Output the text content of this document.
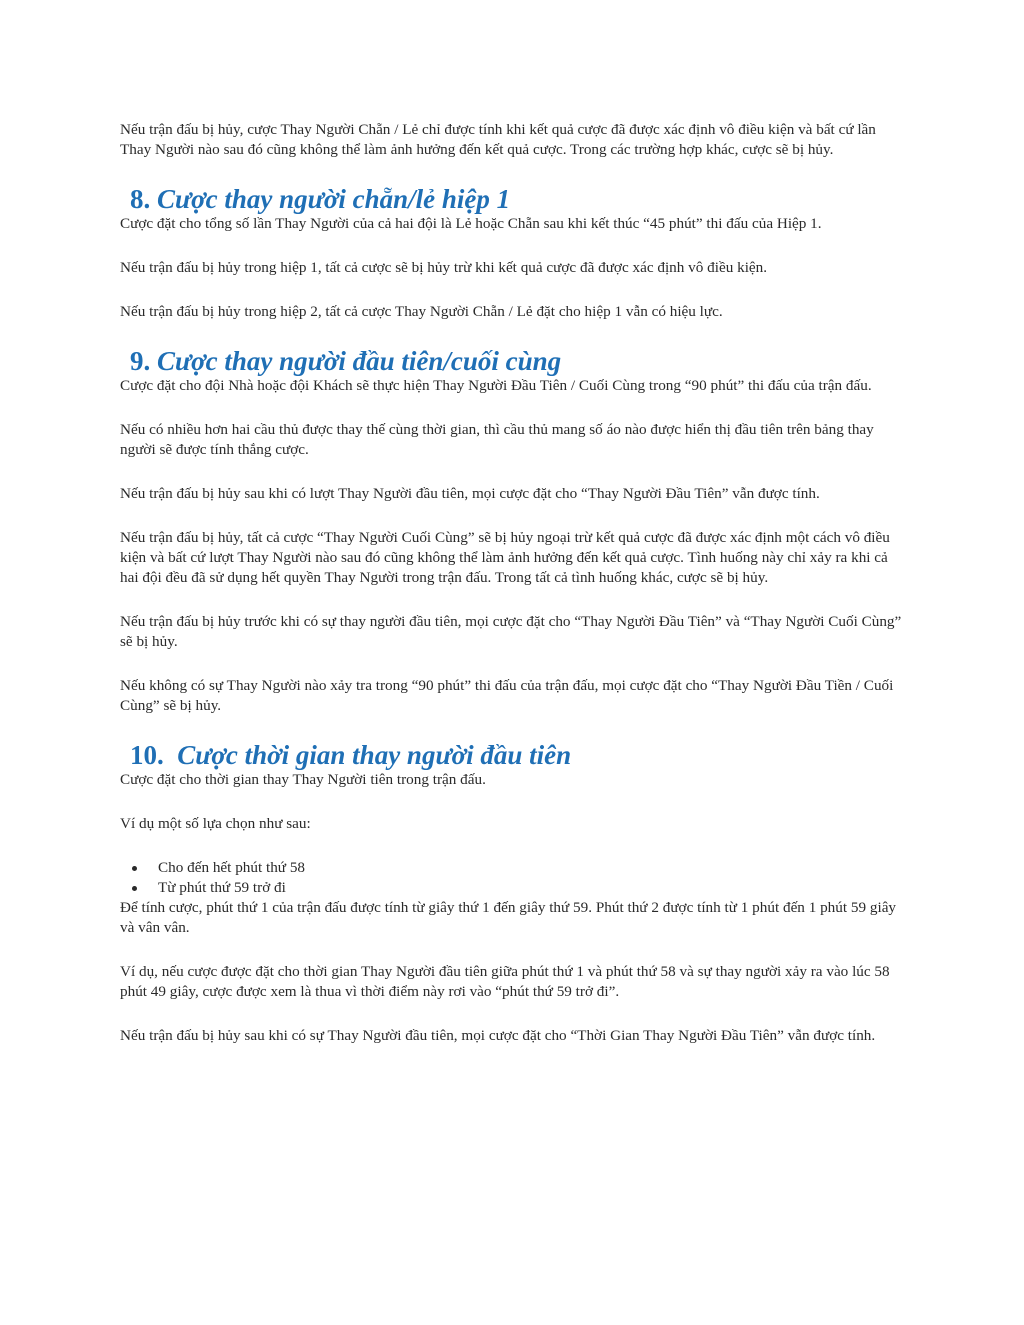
Nếu trận đấu bị hủy, cược Thay Người Chẵn / Lẻ chỉ được tính khi kết quả cược đã được xác định vô điều kiện và bất cứ lần Thay Người nào sau đó cũng không thể làm ảnh hưởng đến kết quả cược. Trong các trường hợp khác, cược sẽ bị hủy.

8. Cược thay người chẵn/lẻ hiệp 1

Cược đặt cho tổng số lần Thay Người của cả hai đội là Lẻ hoặc Chẵn sau khi kết thúc “45 phút” thi đấu của Hiệp 1.

Nếu trận đấu bị hủy trong hiệp 1, tất cả cược sẽ bị hủy trừ khi kết quả cược đã được xác định vô điều kiện.

Nếu trận đấu bị hủy trong hiệp 2, tất cả cược Thay Người Chẵn / Lẻ đặt cho hiệp 1 vẫn có hiệu lực.

9. Cược thay người đầu tiên/cuối cùng

Cược đặt cho đội Nhà hoặc đội Khách sẽ thực hiện Thay Người Đầu Tiên / Cuối Cùng trong “90 phút” thi đấu của trận đấu.

Nếu có nhiều hơn hai cầu thủ được thay thế cùng thời gian, thì cầu thủ mang số áo nào được hiển thị đầu tiên trên bảng thay người sẽ được tính thắng cược.

Nếu trận đấu bị hủy sau khi có lượt Thay Người đầu tiên, mọi cược đặt cho “Thay Người Đầu Tiên” vẫn được tính.

Nếu trận đấu bị hủy, tất cả cược “Thay Người Cuối Cùng” sẽ bị hủy ngoại trừ kết quả cược đã được xác định một cách vô điều kiện và bất cứ lượt Thay Người nào sau đó cũng không thể làm ảnh hưởng đến kết quả cược. Tình huống này chỉ xảy ra khi cả hai đội đều đã sử dụng hết quyền Thay Người trong trận đấu. Trong tất cả tình huống khác, cược sẽ bị hủy.

Nếu trận đấu bị hủy trước khi có sự thay người đầu tiên, mọi cược đặt cho “Thay Người Đầu Tiên” và “Thay Người Cuối Cùng” sẽ bị hủy.

Nếu không có sự Thay Người nào xảy tra trong “90 phút” thi đấu của trận đấu, mọi cược đặt cho “Thay Người Đầu Tiền / Cuối Cùng” sẽ bị hủy.

10. Cược thời gian thay người đầu tiên

Cược đặt cho thời gian thay Thay Người tiên trong trận đấu.

Ví dụ một số lựa chọn như sau:

Cho đến hết phút thứ 58
Từ phút thứ 59 trở đi

Để tính cược, phút thứ 1 của trận đấu được tính từ giây thứ 1 đến giây thứ 59. Phút thứ 2 được tính từ 1 phút đến 1 phút 59 giây và vân vân.

Ví dụ, nếu cược được đặt cho thời gian Thay Người đầu tiên giữa phút thứ 1 và phút thứ 58 và sự thay người xảy ra vào lúc 58 phút 49 giây, cược được xem là thua vì thời điểm này rơi vào “phút thứ 59 trở đi”.

Nếu trận đấu bị hủy sau khi có sự Thay Người đầu tiên, mọi cược đặt cho “Thời Gian Thay Người Đầu Tiên” vẫn được tính.
